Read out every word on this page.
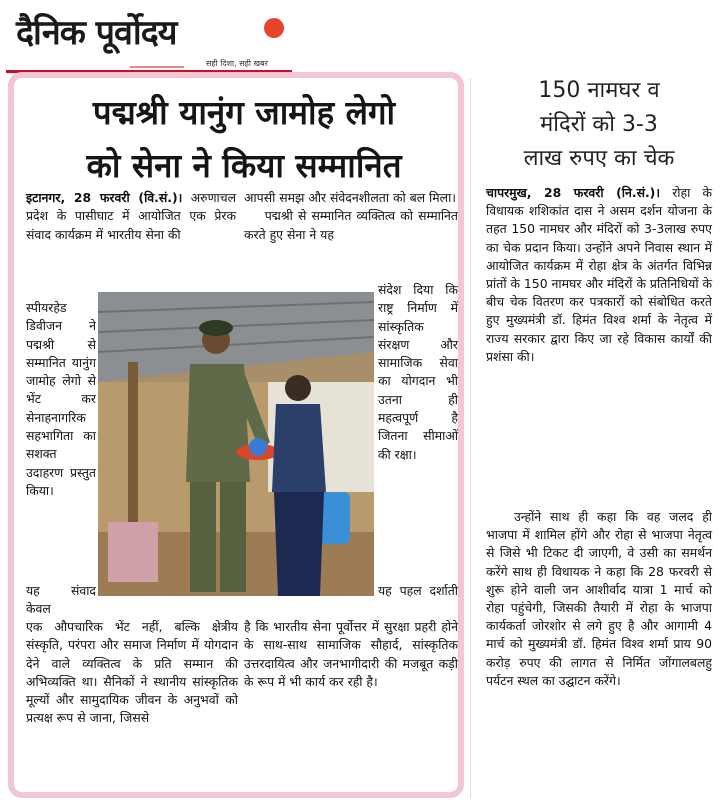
दैनिक पूर्वोदय
सही दिशा, सही खबर
पद्मश्री यानुंग जामोह लेगो
को सेना ने किया सम्मानित

इटानगर, 28 फरवरी (वि.सं.)। अरुणाचल प्रदेश के पासीघाट में आयोजित एक प्रेरक संवाद कार्यक्रम में भारतीय सेना की

स्पीयरहेड डिवीजन ने पद्मश्री से सम्मानित यानुंग जामोह लेगो से भेंट कर सेनाहनागरिक सहभागिता का सशक्त उदाहरण प्रस्तुत किया।

यह संवाद केवल

आपसी समझ और संवेदनशीलता को बल मिला।
पद्मश्री से सम्मानित व्यक्तित्व को सम्मानित करते हुए सेना ने यह

संदेश दिया कि राष्ट्र निर्माण में सांस्कृतिक संरक्षण और सामाजिक सेवा का योगदान भी उतना ही महत्वपूर्ण है जितना सीमाओं की रक्षा।

यह पहल दर्शाती

एक औपचारिक भेंट नहीं, बल्कि क्षेत्रीय संस्कृति, परंपरा और समाज निर्माण में योगदान देने वाले व्यक्तित्व के प्रति सम्मान की अभिव्यक्ति था। सैनिकों ने स्थानीय सांस्कृतिक मूल्यों और सामुदायिक जीवन के अनुभवों को प्रत्यक्ष रूप से जाना, जिससे

है कि भारतीय सेना पूर्वोत्तर में सुरक्षा प्रहरी होने के साथ-साथ सामाजिक सौहार्द, सांस्कृतिक उत्तरदायित्व और जनभागीदारी की मजबूत कड़ी के रूप में भी कार्य कर रही है।

150 नामघर व
मंदिरों को 3-3
लाख रुपए का चेक

चापरमुख, 28 फरवरी (नि.सं.)। रोहा के विधायक शशिकांत दास ने असम दर्शन योजना के तहत 150 नामघर और मंदिरों को 3-3लाख रुपए का चेक प्रदान किया। उन्होंने अपने निवास स्थान में आयोजित कार्यक्रम में रोहा क्षेत्र के अंतर्गत विभिन्न प्रांतों के 150 नामघर और मंदिरों के प्रतिनिधियों के बीच चेक वितरण कर पत्रकारों को संबोधित करते हुए मुख्यमंत्री डॉ. हिमंत विश्व शर्मा के नेतृत्व में राज्य सरकार द्वारा किए जा रहे विकास कार्यों की प्रशंसा की।

उन्होंने साथ ही कहा कि वह जलद ही भाजपा में शामिल होंगे और रोहा से भाजपा नेतृत्व से जिसे भी टिकट दी जाएगी, वे उसी का समर्थन करेंगे साथ ही विधायक ने कहा कि 28 फरवरी से शुरू होने वाली जन आशीर्वाद यात्रा 1 मार्च को रोहा पहुंचेगी, जिसकी तैयारी में रोहा के भाजपा कार्यकर्ता जोरशोर से लगे हुए है और आगामी 4 मार्च को मुख्यमंत्री डॉ. हिमंत विश्व शर्मा प्राय 90 करोड़ रुपए की लागत से निर्मित जोंगालबलहु पर्यटन स्थल का उद्घाटन करेंगे।
